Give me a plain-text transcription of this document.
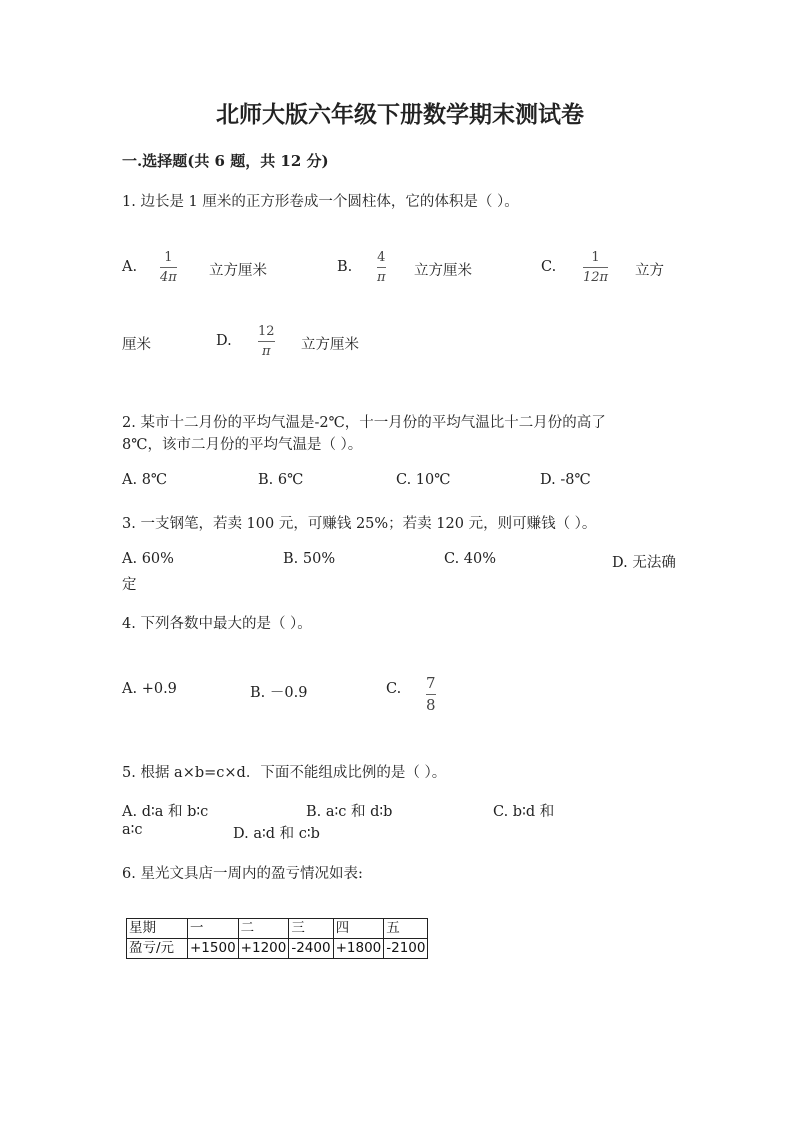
北师大版六年级下册数学期末测试卷
一.选择题(共 6 题，共 12 分)
1. 边长是 1 厘米的正方形卷成一个圆柱体，它的体积是（ ）。
A.
1
4π 立方厘米	B.
4
π 立方厘米	C.
1
12π 立方
厘米	D.
12
π 立方厘米
2. 某市十二月份的平均气温是-2℃，十一月份的平均气温比十二月份的高了
8℃，该市二月份的平均气温是（ ）。
A. 8℃	B. 6℃	C. 10℃	D. -8℃
3. 一支钢笔，若卖 100 元，可赚钱 25%；若卖 120 元，则可赚钱（ ）。
A. 60%	B. 50%	C. 40%	D. 无法确
定
4. 下列各数中最大的是（ ）。
A. +0.9	B. －0.9	C. 7
8
5. 根据 a×b=c×d．下面不能组成比例的是（ ）。
A. d∶a 和 b∶c	B. a∶c 和 d∶b	C. b∶d 和
a∶c	D. a∶d 和 c∶b
6. 星光文具店一周内的盈亏情况如表:
星期	一	二	三	四	五
盈亏/元	+1500	+1200	-2400	+1800	-2100
